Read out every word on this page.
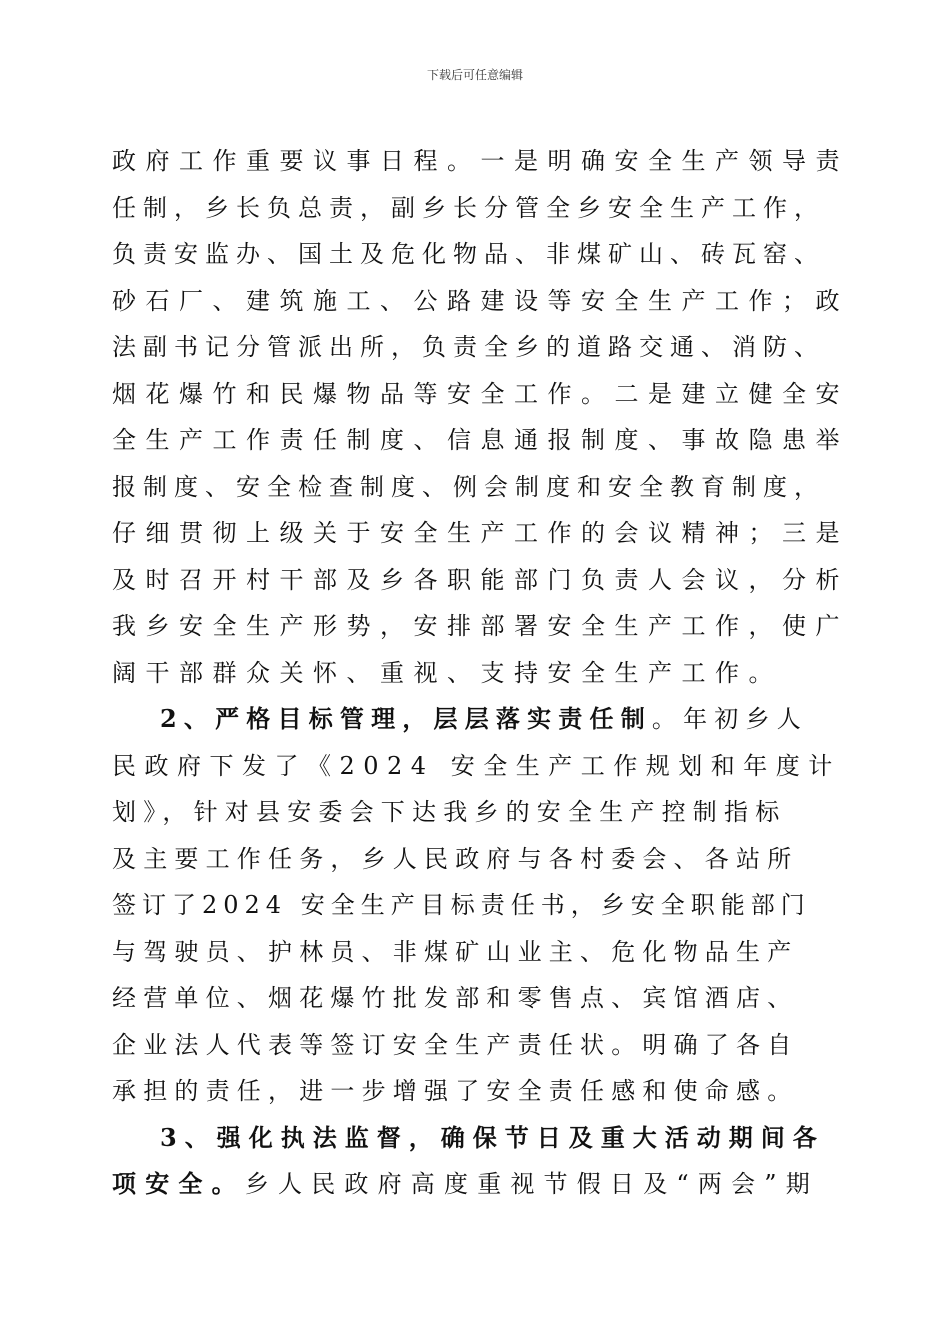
下载后可任意编辑
政府工作重要议事日程。一是明确安全生产领导责
任制，乡长负总责，副乡长分管全乡安全生产工作，
负责安监办、国土及危化物品、非煤矿山、砖瓦窑、
砂石厂、建筑施工、公路建设等安全生产工作；政
法副书记分管派出所，负责全乡的道路交通、消防、
烟花爆竹和民爆物品等安全工作。二是建立健全安
全生产工作责任制度、信息通报制度、事故隐患举
报制度、安全检查制度、例会制度和安全教育制度，
仔细贯彻上级关于安全生产工作的会议精神；三是
及时召开村干部及乡各职能部门负责人会议，分析
我乡安全生产形势，安排部署安全生产工作，使广
阔干部群众关怀、重视、支持安全生产工作。
2、严格目标管理，层层落实责任制。年初乡人
民政府下发了《2024 安全生产工作规划和年度计
划》，针对县安委会下达我乡的安全生产控制指标
及主要工作任务，乡人民政府与各村委会、各站所
签订了2024 安全生产目标责任书，乡安全职能部门
与驾驶员、护林员、非煤矿山业主、危化物品生产
经营单位、烟花爆竹批发部和零售点、宾馆酒店、
企业法人代表等签订安全生产责任状。明确了各自
承担的责任，进一步增强了安全责任感和使命感。
3、强化执法监督，确保节日及重大活动期间各
项安全。乡人民政府高度重视节假日及“两会”期
